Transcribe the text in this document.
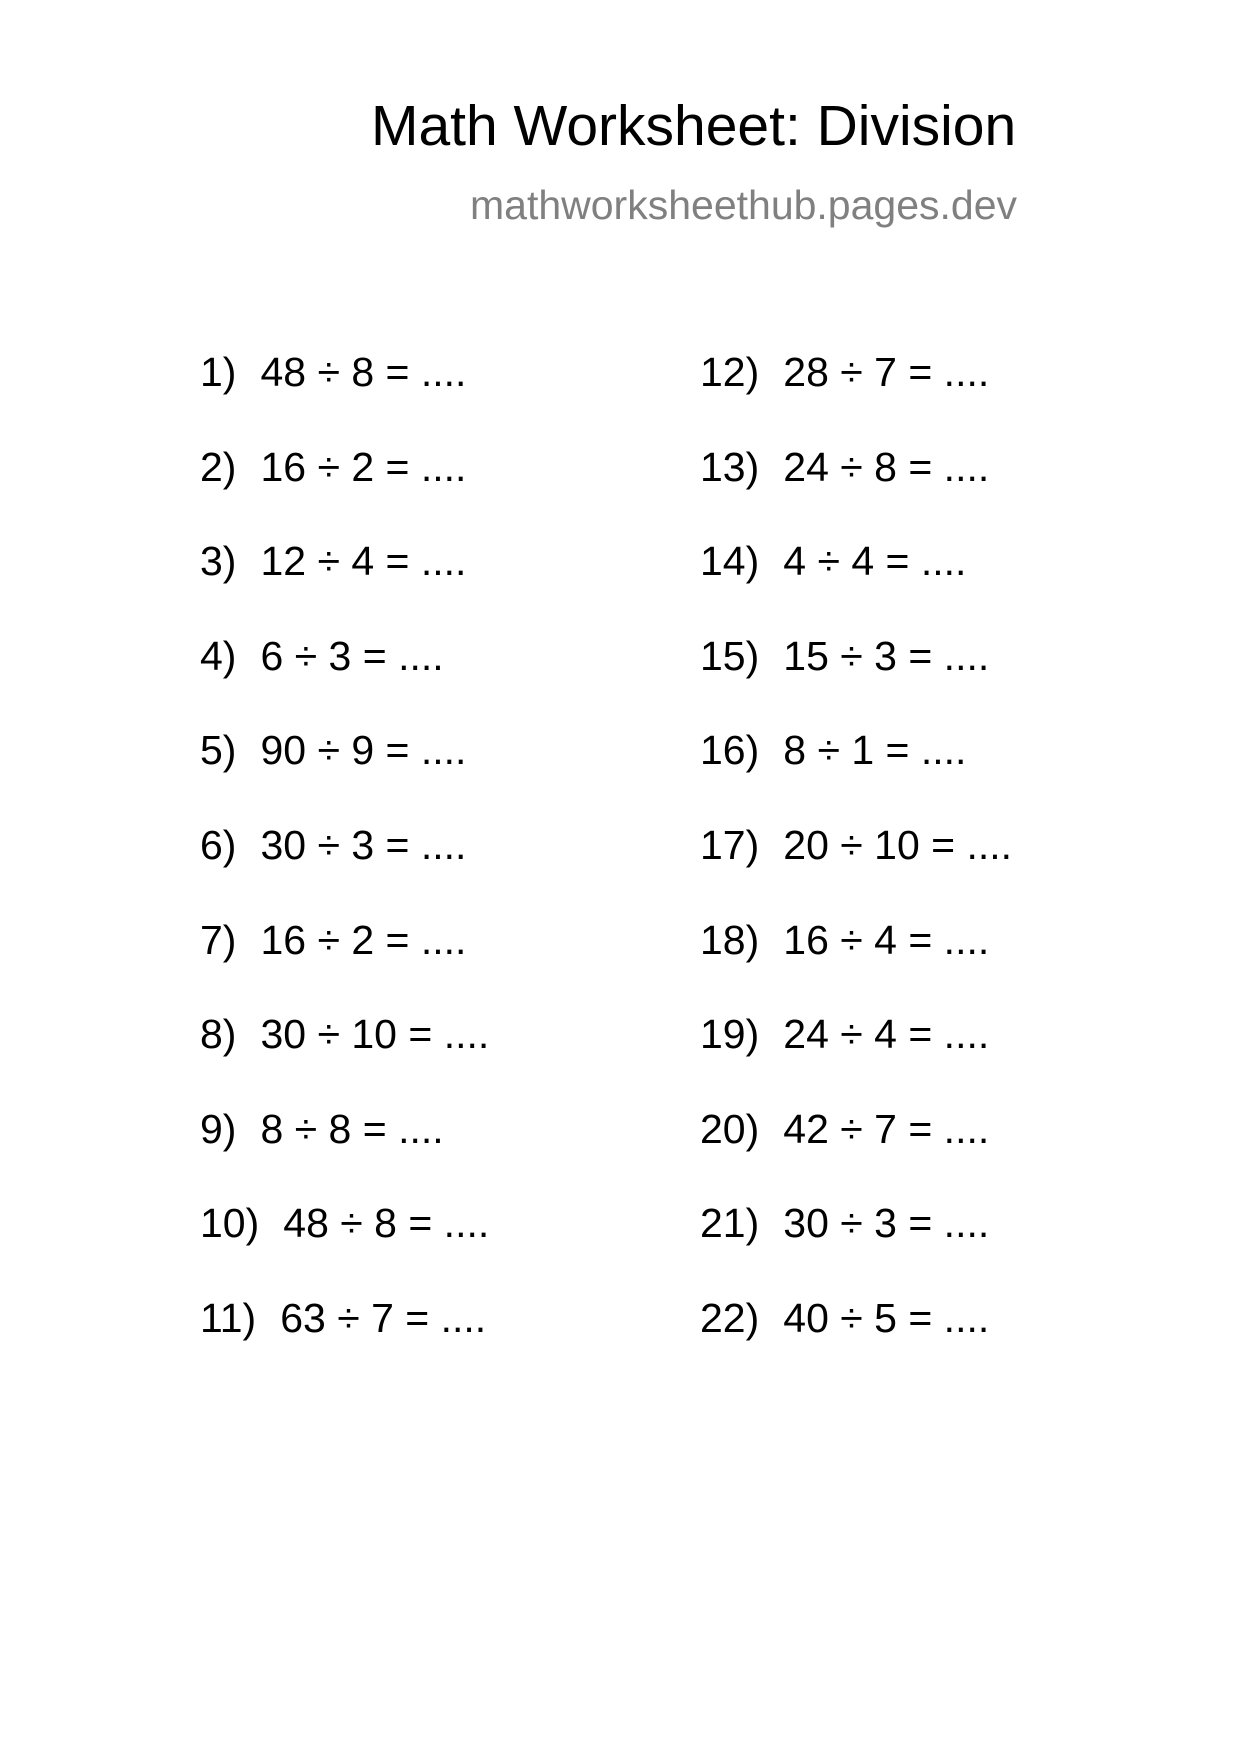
Math Worksheet: Division
mathworksheethub.pages.dev
1) 48 ÷ 8 = ....
2) 16 ÷ 2 = ....
3) 12 ÷ 4 = ....
4) 6 ÷ 3 = ....
5) 90 ÷ 9 = ....
6) 30 ÷ 3 = ....
7) 16 ÷ 2 = ....
8) 30 ÷ 10 = ....
9) 8 ÷ 8 = ....
10) 48 ÷ 8 = ....
11) 63 ÷ 7 = ....
12) 28 ÷ 7 = ....
13) 24 ÷ 8 = ....
14) 4 ÷ 4 = ....
15) 15 ÷ 3 = ....
16) 8 ÷ 1 = ....
17) 20 ÷ 10 = ....
18) 16 ÷ 4 = ....
19) 24 ÷ 4 = ....
20) 42 ÷ 7 = ....
21) 30 ÷ 3 = ....
22) 40 ÷ 5 = ....
